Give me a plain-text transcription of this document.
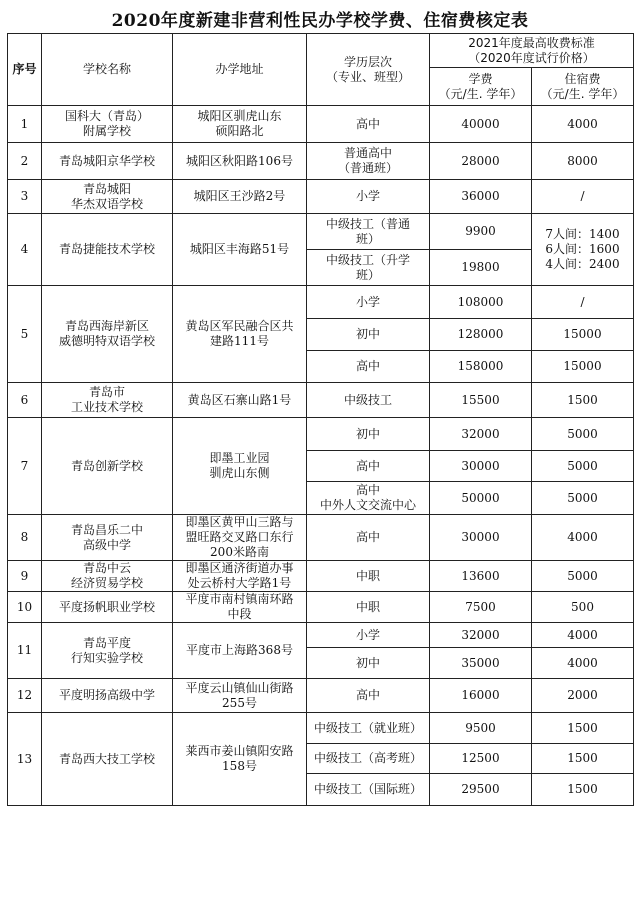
2020年度新建非营利性民办学校学费、住宿费核定表
序号	学校名称	办学地址	学历层次
（专业、班型）	2021年度最高收费标准
（2020年度试行价格）	
				学费
（元/生. 学年）	住宿费
（元/生. 学年）
1	国科大（青岛）
附属学校	城阳区驯虎山东
硕阳路北	高中	40000	4000
2	青岛城阳京华学校	城阳区秋阳路106号	普通高中
（普通班）	28000	8000
3	青岛城阳
华杰双语学校	城阳区王沙路2号	小学	36000	/
4	青岛捷能技术学校	城阳区丰海路51号	中级技工（普通
班）	9900	7人间：1400
6人间：1600
4人间：2400
			中级技工（升学
班）	19800	
5	青岛西海岸新区
威德明特双语学校	黄岛区军民融合区共
建路111号	小学	108000	/
			初中	128000	15000
			高中	158000	15000
6	青岛市
工业技术学校	黄岛区石寨山路1号	中级技工	15500	1500
7	青岛创新学校	即墨工业园
驯虎山东侧	初中	32000	5000
			高中	30000	5000
			高中
中外人文交流中心	50000	5000
8	青岛昌乐二中
高级中学	即墨区黄甲山三路与
盟旺路交叉路口东行
200米路南	高中	30000	4000
9	青岛中云
经济贸易学校	即墨区通济街道办事
处云桥村大学路1号	中职	13600	5000
10	平度扬帆职业学校	平度市南村镇南环路
中段	中职	7500	500
11	青岛平度
行知实验学校	平度市上海路368号	小学	32000	4000
			初中	35000	4000
12	平度明扬高级中学	平度云山镇仙山街路
255号	高中	16000	2000
13	青岛西大技工学校	莱西市姜山镇阳安路
158号	中级技工（就业班）	9500	1500
			中级技工（高考班）	12500	1500
			中级技工（国际班）	29500	1500
